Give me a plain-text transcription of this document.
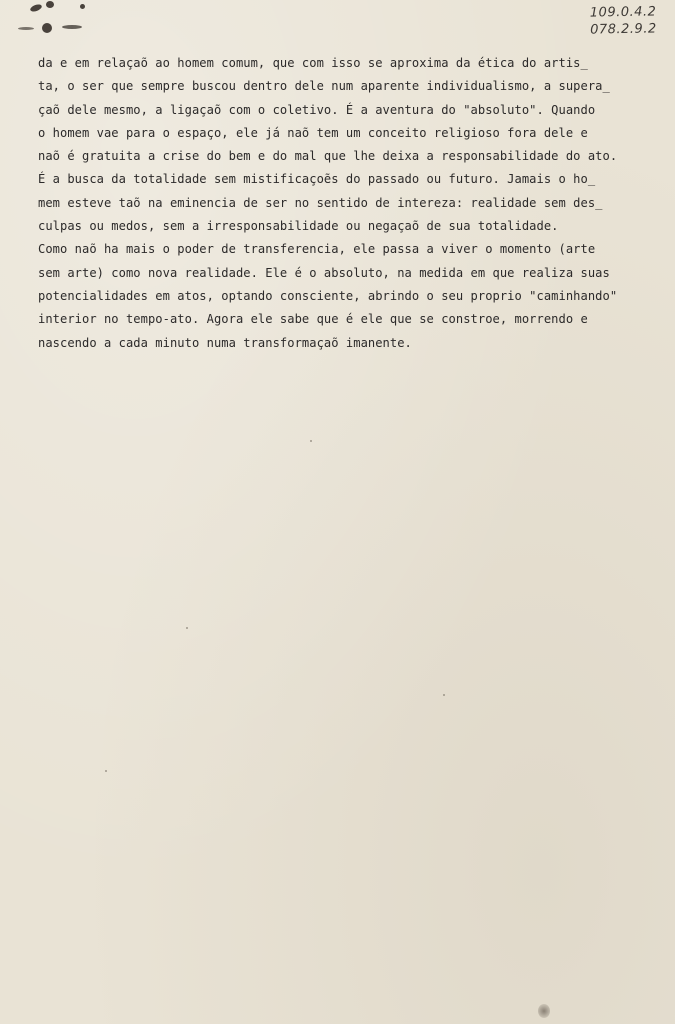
109.0.4.2
078.2.9.2
da e em relaçaõ ao homem comum, que com isso se aproxima da ética do artis_
ta, o ser que sempre buscou dentro dele num aparente individualismo, a supera_
çaõ dele mesmo, a ligaçaõ com o coletivo. É a aventura do "absoluto". Quando
o homem vae para o espaço, ele já naõ tem um conceito religioso fora dele e
naõ é gratuita a crise do bem e do mal que lhe deixa a responsabilidade do ato.
É a busca da totalidade sem mistificaçoẽs do passado ou futuro. Jamais o ho_
mem esteve taõ na eminencia de ser no sentido de intereza: realidade sem des_
culpas ou medos, sem a irresponsabilidade ou negaçaõ de sua totalidade.
Como naõ ha mais o poder de transferencia, ele passa a viver o momento (arte
sem arte) como nova realidade. Ele é o absoluto, na medida em que realiza suas
potencialidades em atos, optando consciente, abrindo o seu proprio "caminhando"
interior no tempo-ato. Agora ele sabe que é ele que se constroe, morrendo e
nascendo a cada minuto numa transformaçaõ imanente.
